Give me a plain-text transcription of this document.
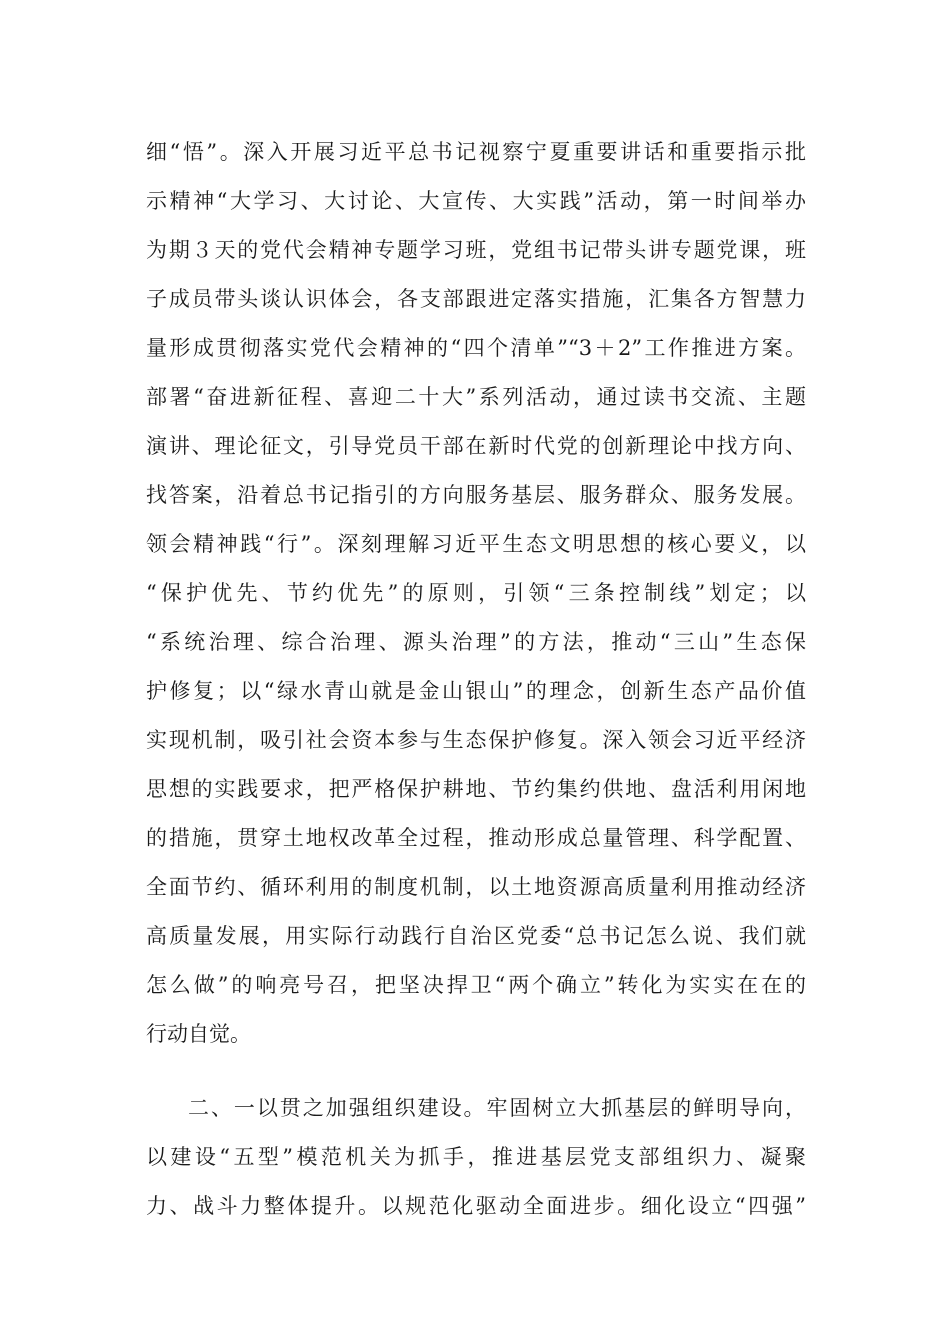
细“悟”。深入开展习近平总书记视察宁夏重要讲话和重要指示批
示精神“大学习、大讨论、大宣传、大实践”活动，第一时间举办
为期３天的党代会精神专题学习班，党组书记带头讲专题党课，班
子成员带头谈认识体会，各支部跟进定落实措施，汇集各方智慧力
量形成贯彻落实党代会精神的“四个清单”“3＋2”工作推进方案。
部署“奋进新征程、喜迎二十大”系列活动，通过读书交流、主题
演讲、理论征文，引导党员干部在新时代党的创新理论中找方向、
找答案，沿着总书记指引的方向服务基层、服务群众、服务发展。
领会精神践“行”。深刻理解习近平生态文明思想的核心要义，以
“保护优先、节约优先”的原则，引领“三条控制线”划定；以
“系统治理、综合治理、源头治理”的方法，推动“三山”生态保
护修复；以“绿水青山就是金山银山”的理念，创新生态产品价值
实现机制，吸引社会资本参与生态保护修复。深入领会习近平经济
思想的实践要求，把严格保护耕地、节约集约供地、盘活利用闲地
的措施，贯穿土地权改革全过程，推动形成总量管理、科学配置、
全面节约、循环利用的制度机制，以土地资源高质量利用推动经济
高质量发展，用实际行动践行自治区党委“总书记怎么说、我们就
怎么做”的响亮号召，把坚决捍卫“两个确立”转化为实实在在的
行动自觉。
二、一以贯之加强组织建设。牢固树立大抓基层的鲜明导向，
以建设“五型”模范机关为抓手，推进基层党支部组织力、凝聚
力、战斗力整体提升。以规范化驱动全面进步。细化设立“四强”
